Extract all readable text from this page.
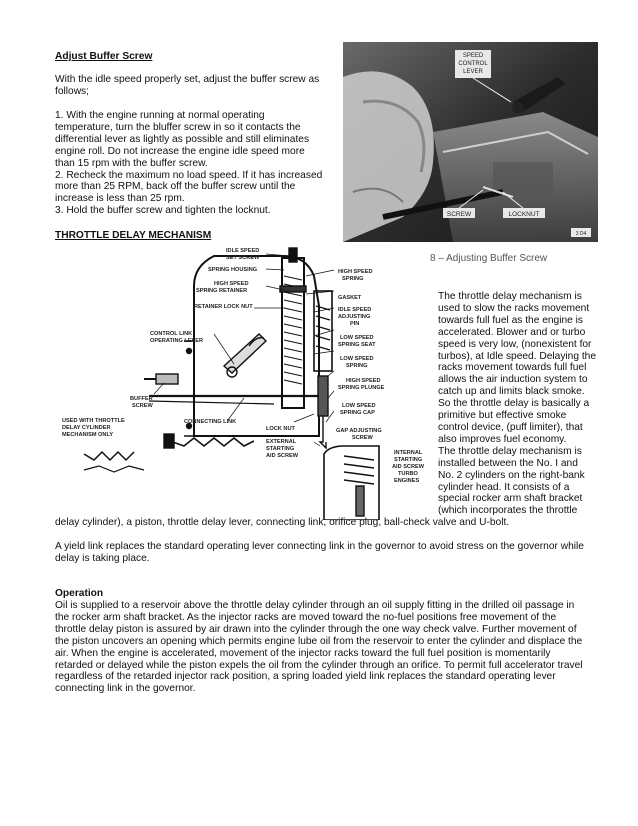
Adjust Buffer Screw
With the idle speed properly set, adjust the buffer screw as
follows;
1. With the engine running at normal operating
temperature, turn the bluffer screw in so it contacts the
differential lever as lightly as possible and still eliminates
engine roll. Do not increase the engine idle speed more
than 15 rpm with the buffer screw.
2. Recheck the maximum no load speed. If it has increased
more than 25 RPM, back off the buffer screw until the
increase is less than 25 rpm.
3. Hold the buffer screw and tighten the locknut.
SPEED
CONTROL
LEVER
SCREW	LOCKNUT
3 D4
8 – Adjusting Buffer Screw
THROTTLE DELAY MECHANISM
IDLE SPEED
SET SCREW
SPRING HOUSING
HIGH SPEED
SPRING RETAINER
RETAINER LOCK NUT
CONTROL LINK
OPERATING LEVER
BUFFER
SCREW
CONNECTING LINK
LOCK NUT
EXTERNAL
STARTING
AID SCREW
USED WITH THROTTLE
DELAY CYLINDER
MECHANISM ONLY
HIGH SPEED
SPRING
GASKET
IDLE SPEED
ADJUSTING
PIN
LOW SPEED
SPRING SEAT
LOW SPEED
SPRING
HIGH SPEED
SPRING PLUNGE
LOW SPEED
SPRING CAP
GAP ADJUSTING
SCREW
INTERNAL
STARTING
AID SCREW
TURBO
ENGINES
The throttle delay mechanism is
used to slow the racks movement
towards full fuel as the engine is
accelerated. Blower and or turbo
speed is very low, (nonexistent for
turbos), at Idle speed. Delaying the
racks movement towards full fuel
allows the air induction system to
catch up and limits black smoke.
So the throttle delay is basically a
primitive but effective smoke
control device, (puff limiter), that
also improves fuel economy.
The throttle delay mechanism is
installed between the No. I and
No. 2 cylinders on the right-bank
cylinder head. It consists of a
special rocker arm shaft bracket
(which incorporates the throttle
delay cylinder), a piston, throttle delay lever, connecting link, orifice plug, ball-check valve and U-bolt.
A yield link replaces the standard operating lever connecting link in the governor to avoid stress on the governor while
delay is taking place.
Operation
Oil is supplied to a reservoir above the throttle delay cylinder through an oil supply fitting in the drilled oil passage in
the rocker arm shaft bracket. As the injector racks are moved toward the no-fuel positions free movement of the
throttle delay piston is assured by air drawn into the cylinder through the one way check valve. Further movement of
the piston uncovers an opening which permits engine lube oil from the reservoir to enter the cylinder and displace the
air. When the engine is accelerated, movement of the injector racks toward the full fuel position is momentarily
retarded or delayed while the piston expels the oil from the cylinder through an orifice. To permit full accelerator travel
regardless of the retarded injector rack position, a spring loaded yield link replaces the standard operating lever
connecting link in the governor.
